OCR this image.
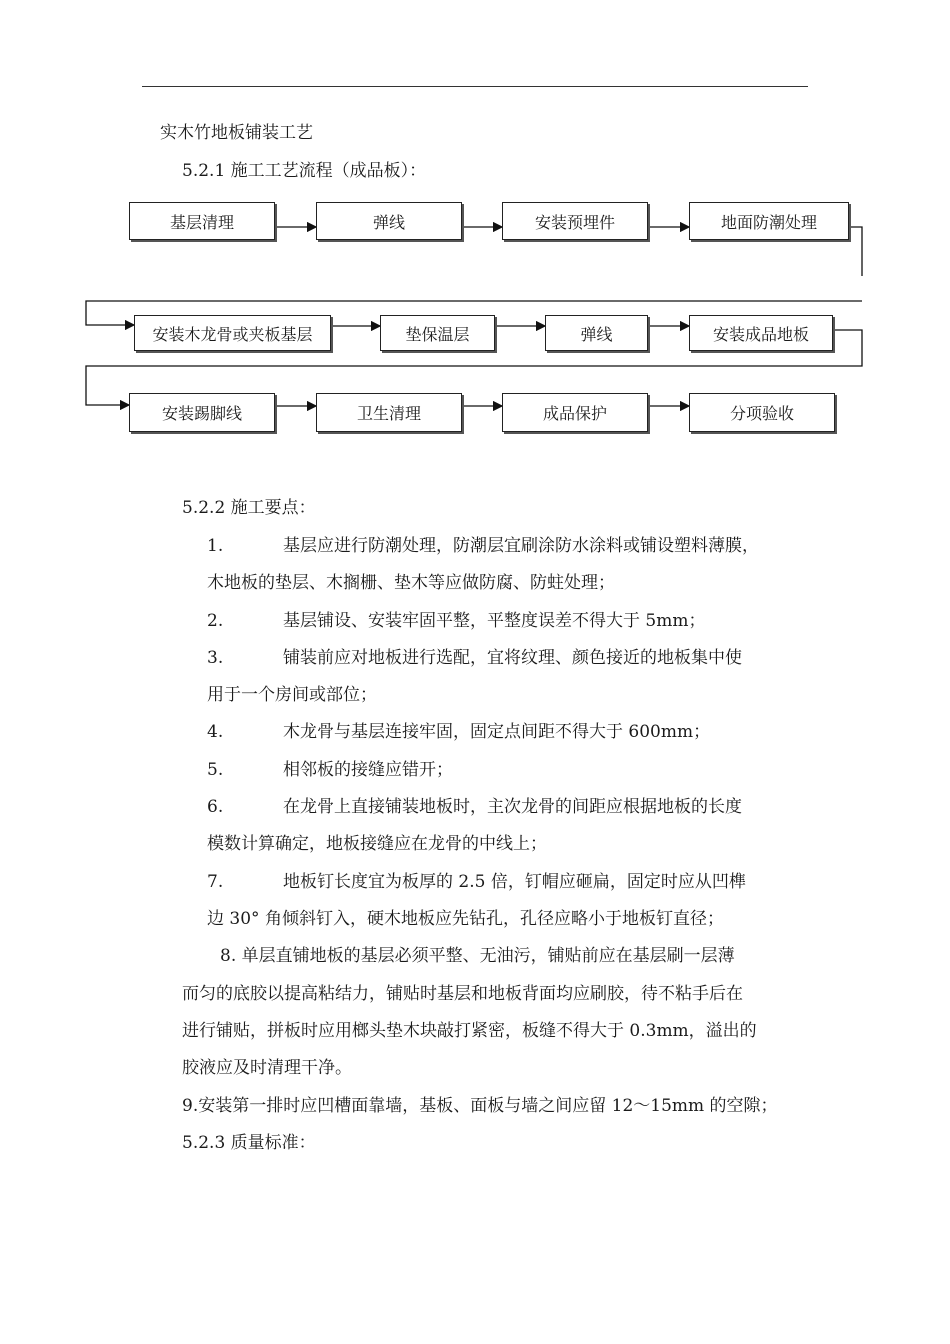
实木竹地板铺装工艺
5.2.1 施工工艺流程（成品板）：
基层清理	弹线	安装预埋件	地面防潮处理
安装木龙骨或夹板基层	垫保温层	弹线	安装成品地板
安装踢脚线	卫生清理	成品保护	分项验收
5.2.2 施工要点：
1.	基层应进行防潮处理，防潮层宜刷涂防水涂料或铺设塑料薄膜，
木地板的垫层、木搁栅、垫木等应做防腐、防蛀处理；
2.	基层铺设、安装牢固平整，平整度误差不得大于 5mm；
3.	铺装前应对地板进行选配，宜将纹理、颜色接近的地板集中使
用于一个房间或部位；
4.	木龙骨与基层连接牢固，固定点间距不得大于 600mm；
5.	相邻板的接缝应错开；
6.	在龙骨上直接铺装地板时，主次龙骨的间距应根据地板的长度
模数计算确定，地板接缝应在龙骨的中线上；
7.	地板钉长度宜为板厚的 2.5 倍，钉帽应砸扁，固定时应从凹榫
边 30° 角倾斜钉入，硬木地板应先钻孔，孔径应略小于地板钉直径；
8. 单层直铺地板的基层必须平整、无油污，铺贴前应在基层刷一层薄
而匀的底胶以提高粘结力，铺贴时基层和地板背面均应刷胶，待不粘手后在
进行铺贴，拼板时应用榔头垫木块敲打紧密，板缝不得大于 0.3mm，溢出的
胶液应及时清理干净。
9.安装第一排时应凹槽面靠墙，基板、面板与墙之间应留 12～15mm 的空隙；
5.2.3 质量标准：
